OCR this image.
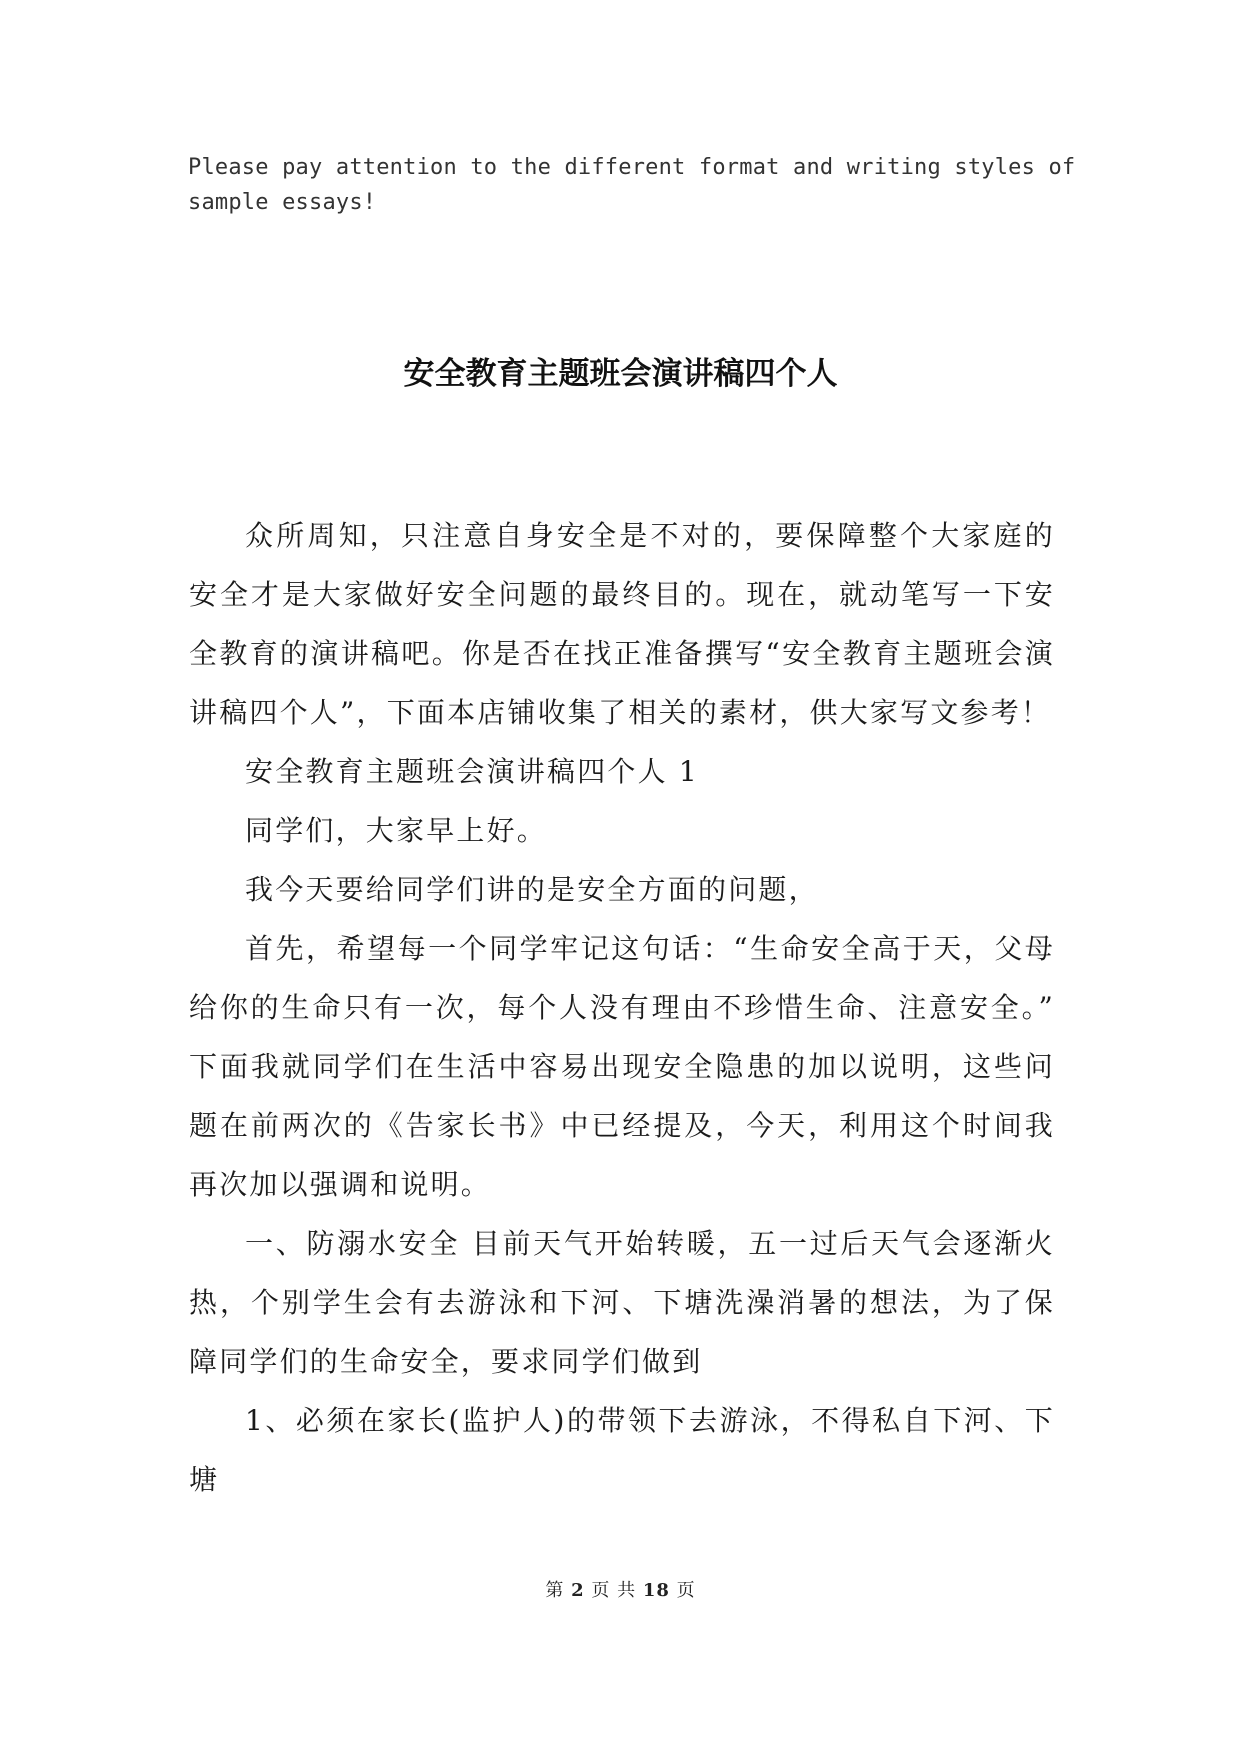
Please pay attention to the different format and writing styles of sample essays!
安全教育主题班会演讲稿四个人

众所周知，只注意自身安全是不对的，要保障整个大家庭的安全才是大家做好安全问题的最终目的。现在，就动笔写一下安全教育的演讲稿吧。你是否在找正准备撰写“安全教育主题班会演讲稿四个人”，下面本店铺收集了相关的素材，供大家写文参考！

安全教育主题班会演讲稿四个人 1

同学们，大家早上好。

我今天要给同学们讲的是安全方面的问题，

首先，希望每一个同学牢记这句话：“生命安全高于天，父母给你的生命只有一次，每个人没有理由不珍惜生命、注意安全。” 下面我就同学们在生活中容易出现安全隐患的加以说明，这些问题在前两次的《告家长书》中已经提及，今天，利用这个时间我再次加以强调和说明。

一、防溺水安全 目前天气开始转暖，五一过后天气会逐渐火热，个别学生会有去游泳和下河、下塘洗澡消暑的想法，为了保障同学们的生命安全，要求同学们做到

1、必须在家长(监护人)的带领下去游泳，不得私自下河、下塘

第 2 页 共 18 页
